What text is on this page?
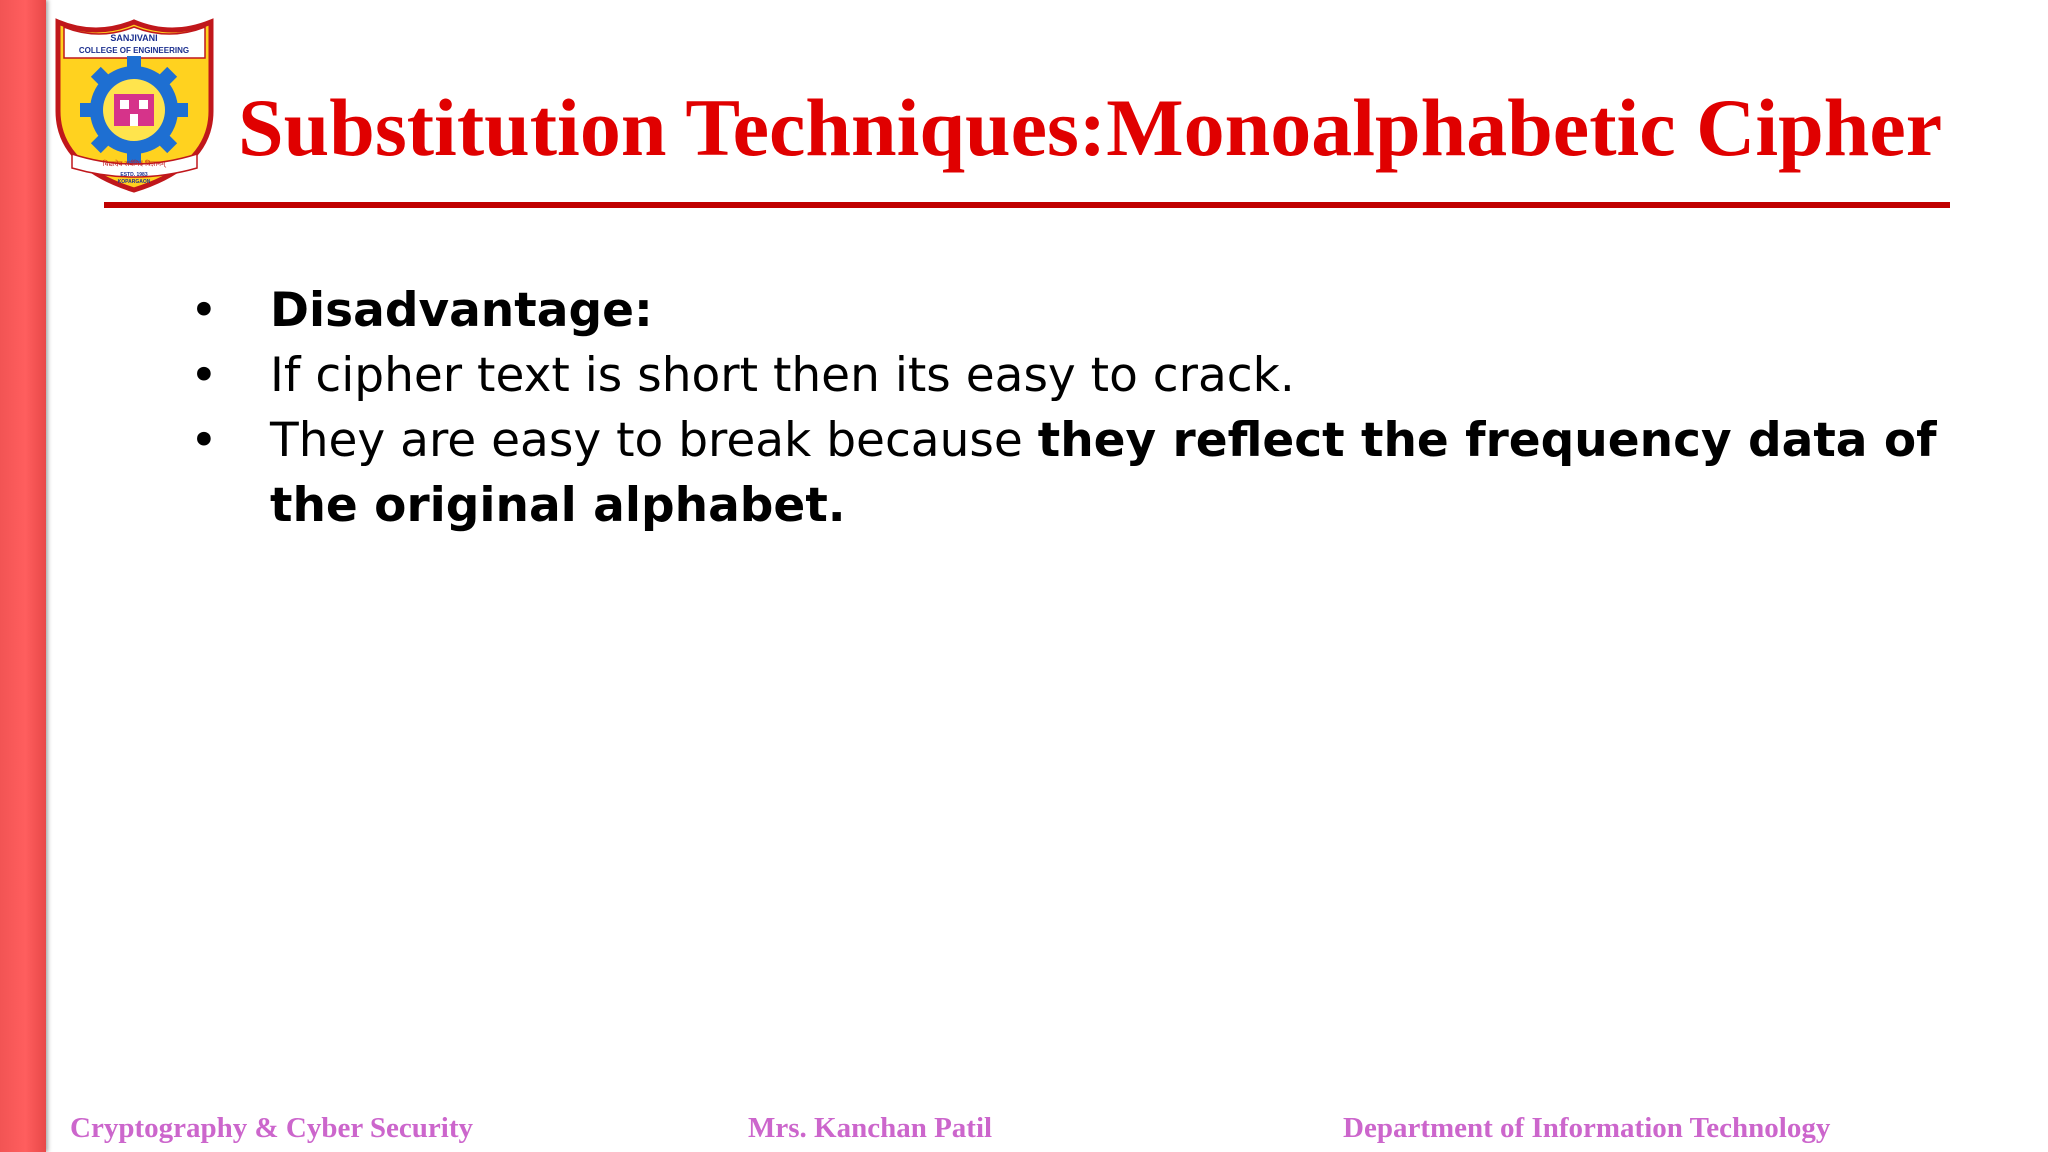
SANJIVANI
COLLEGE OF ENGINEERING
विद्यादेव सर्वमिदं विज्ञानम्
ESTD. 1983
KOPARGAON
Substitution Techniques:Monoalphabetic Cipher
• Disadvantage:
• If cipher text is short then its easy to crack.
• They are easy to break because they reflect the frequency data of the original alphabet.
Cryptography & Cyber Security	Mrs. Kanchan Patil	Department of Information Technology
